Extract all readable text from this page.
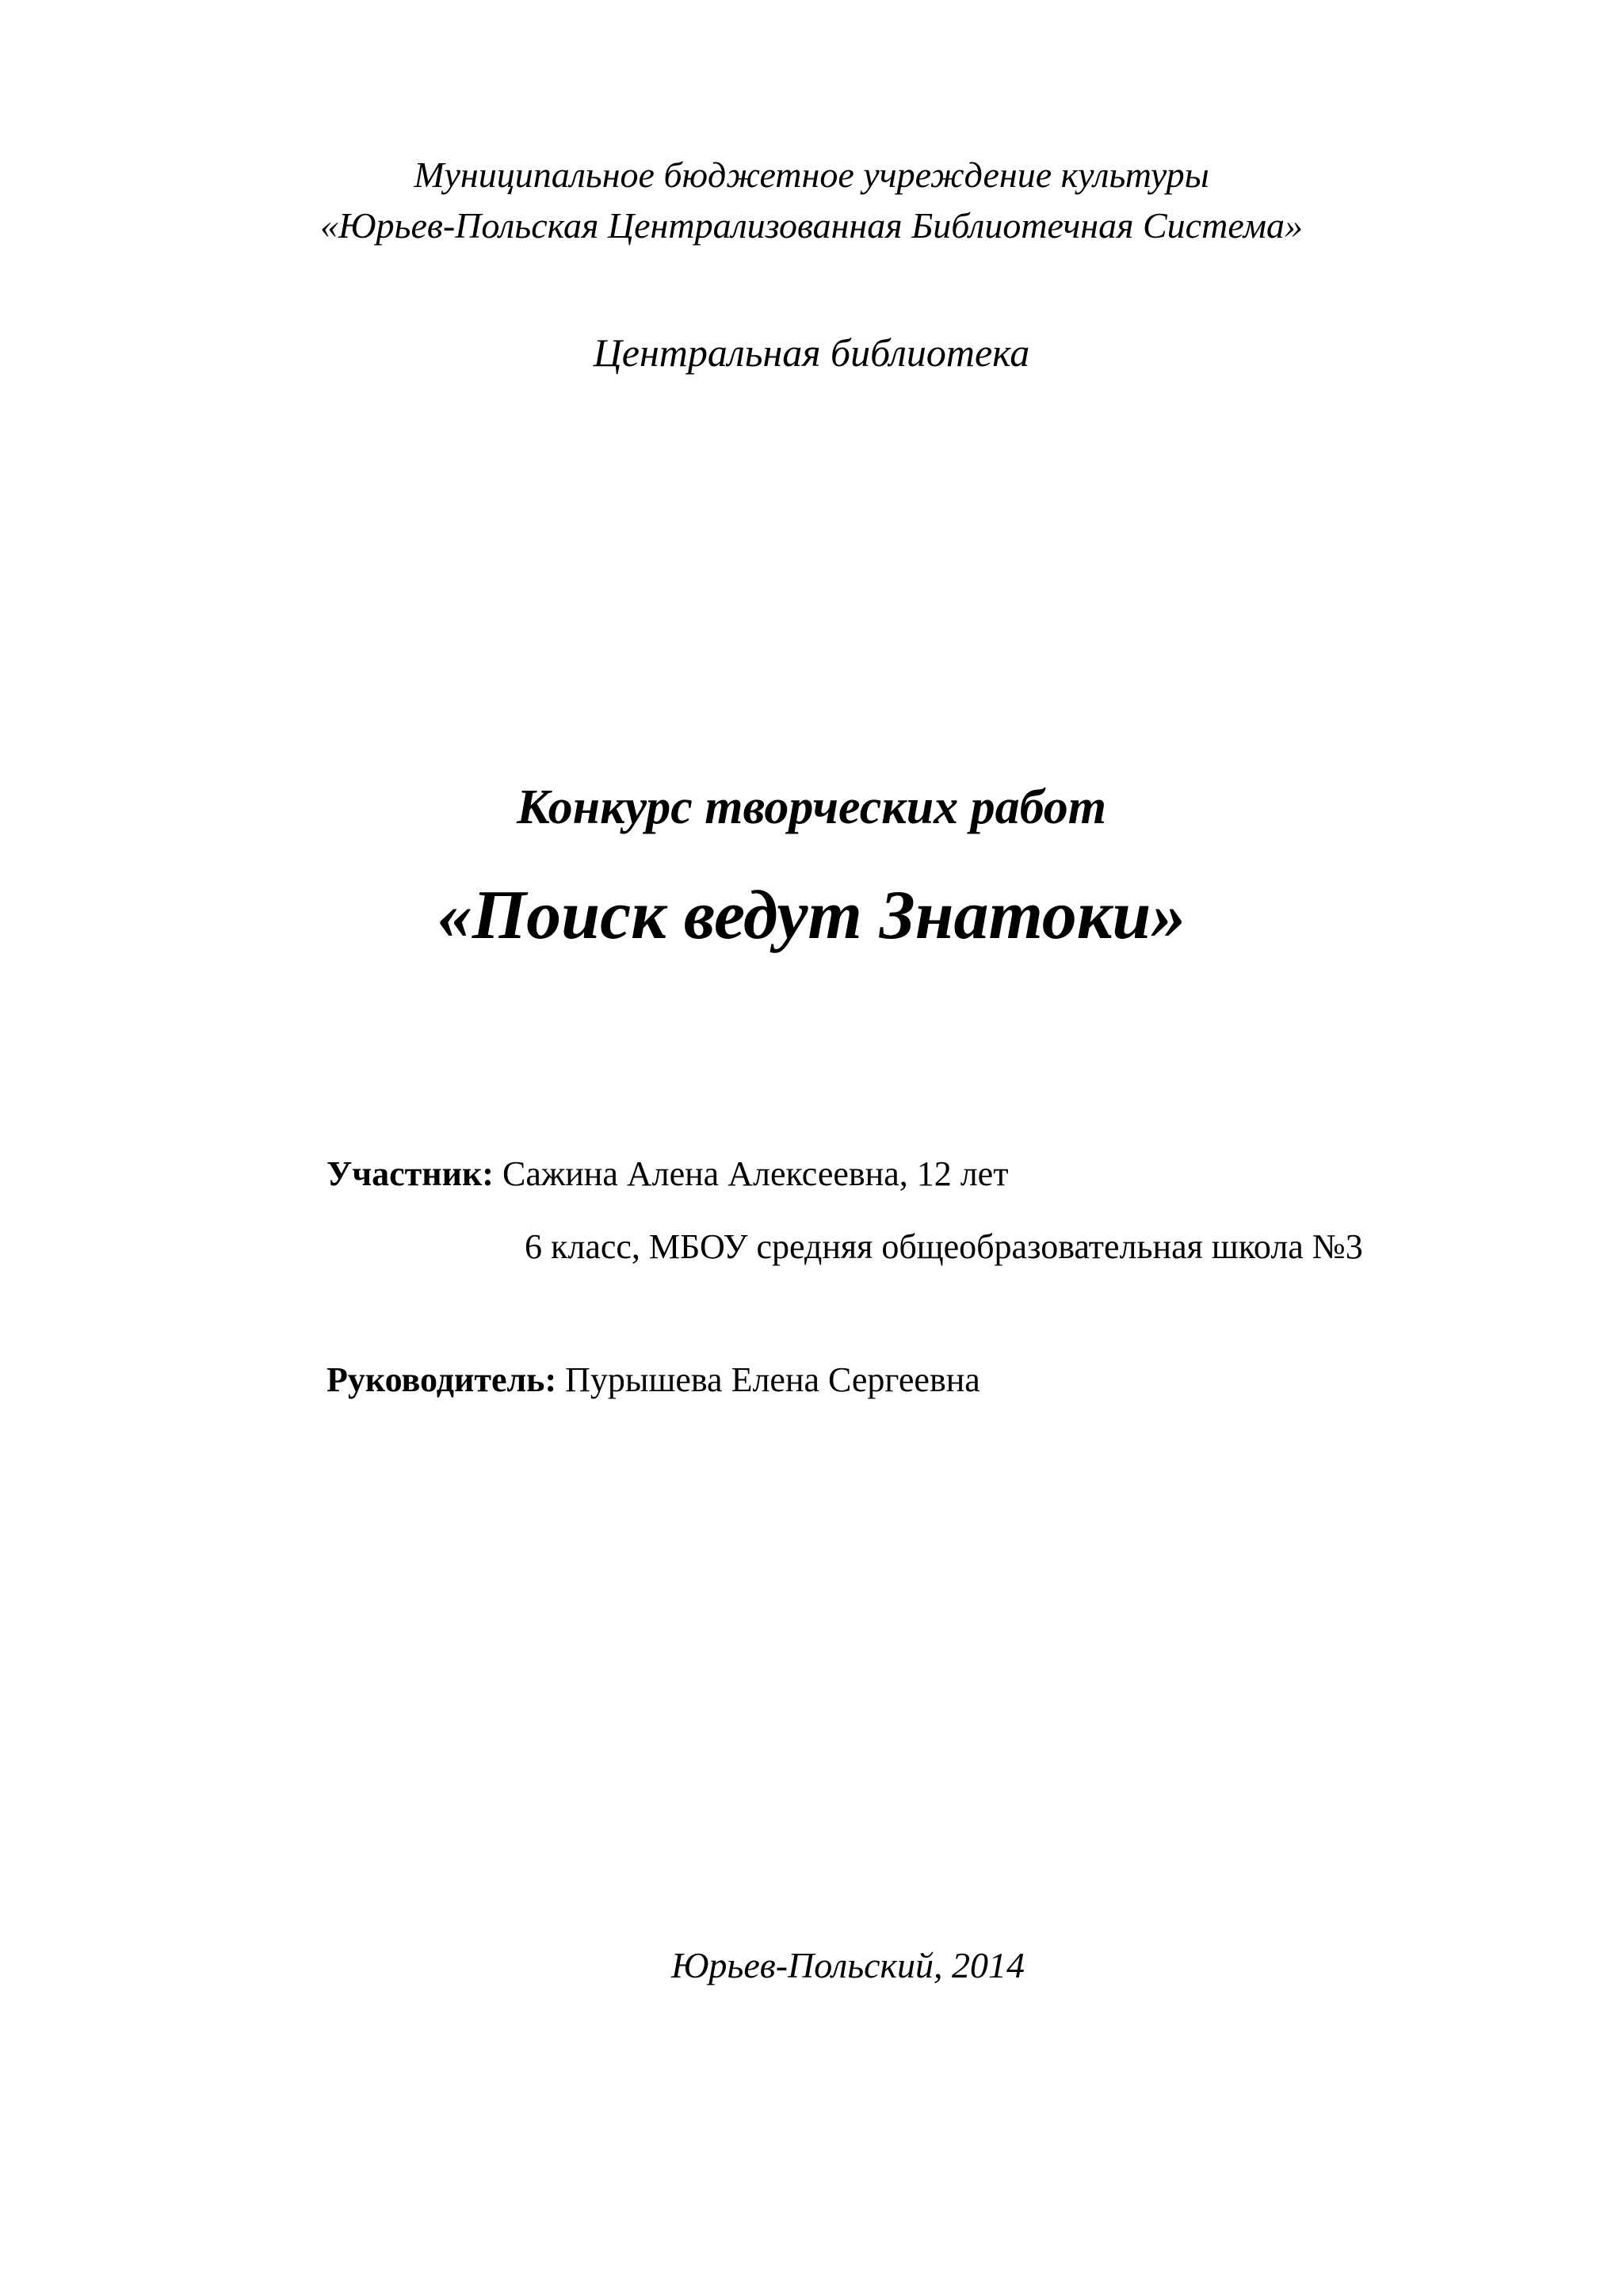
Муниципальное бюджетное учреждение культуры
«Юрьев-Польская Централизованная Библиотечная Система»
Центральная библиотека
Конкурс творческих работ
«Поиск ведут Знатоки»
Участник: Сажина Алена Алексеевна, 12 лет
6 класс, МБОУ средняя общеобразовательная школа №3
Руководитель: Пурышева Елена Сергеевна
Юрьев-Польский, 2014
